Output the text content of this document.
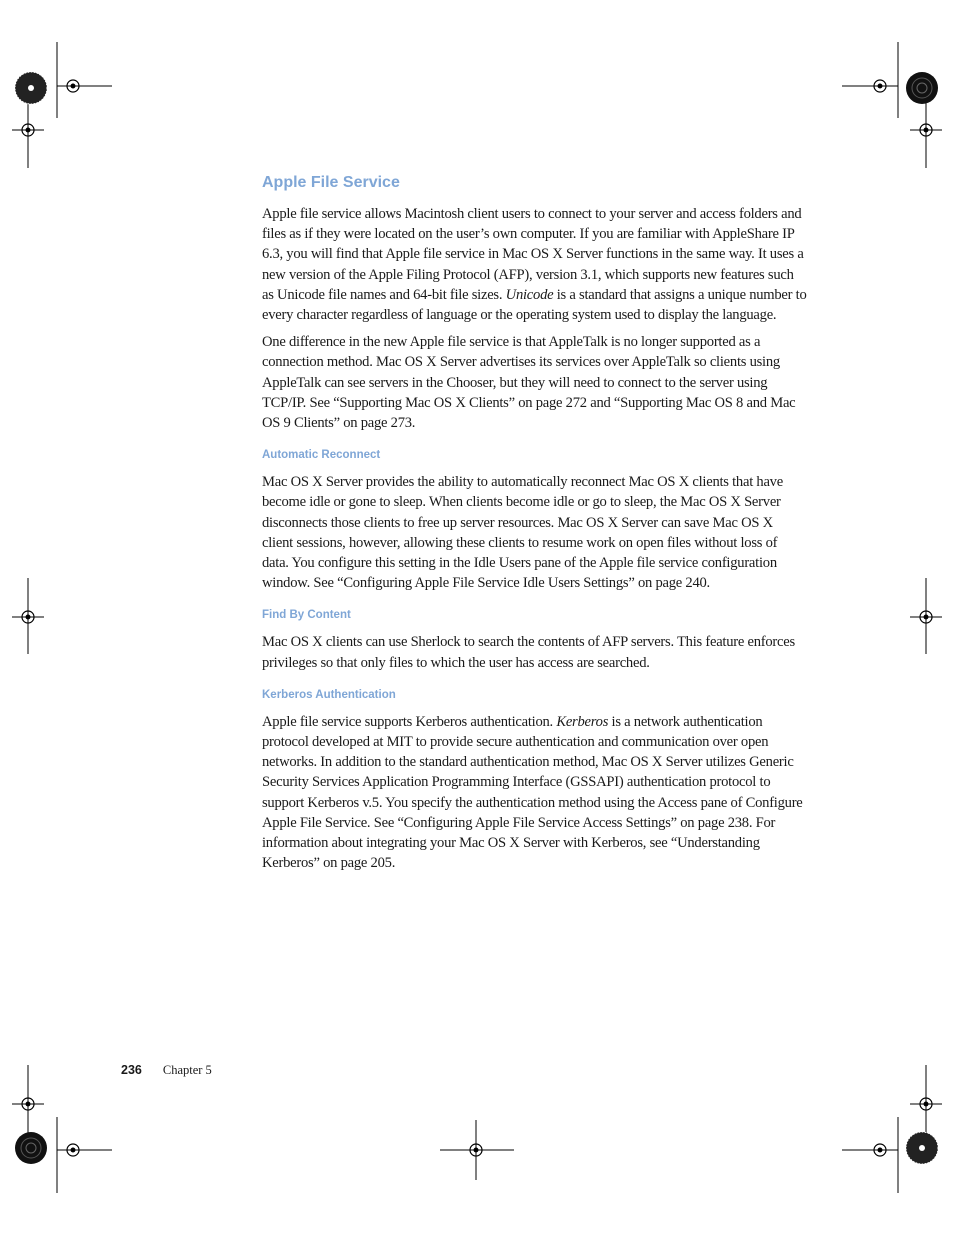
Apple File Service

Apple file service allows Macintosh client users to connect to your server and access folders and files as if they were located on the user’s own computer. If you are familiar with AppleShare IP 6.3, you will find that Apple file service in Mac OS X Server functions in the same way. It uses a new version of the Apple Filing Protocol (AFP), version 3.1, which supports new features such as Unicode file names and 64-bit file sizes. Unicode is a standard that assigns a unique number to every character regardless of language or the operating system used to display the language.

One difference in the new Apple file service is that AppleTalk is no longer supported as a connection method. Mac OS X Server advertises its services over AppleTalk so clients using AppleTalk can see servers in the Chooser, but they will need to connect to the server using TCP/IP. See “Supporting Mac OS X Clients” on page 272 and “Supporting Mac OS 8 and Mac OS 9 Clients” on page 273.

Automatic Reconnect

Mac OS X Server provides the ability to automatically reconnect Mac OS X clients that have become idle or gone to sleep. When clients become idle or go to sleep, the Mac OS X Server disconnects those clients to free up server resources. Mac OS X Server can save Mac OS X client sessions, however, allowing these clients to resume work on open files without loss of data. You configure this setting in the Idle Users pane of the Apple file service configuration window. See “Configuring Apple File Service Idle Users Settings” on page 240.

Find By Content

Mac OS X clients can use Sherlock to search the contents of AFP servers. This feature enforces privileges so that only files to which the user has access are searched.

Kerberos Authentication

Apple file service supports Kerberos authentication. Kerberos is a network authentication protocol developed at MIT to provide secure authentication and communication over open networks. In addition to the standard authentication method, Mac OS X Server utilizes Generic Security Services Application Programming Interface (GSSAPI) authentication protocol to support Kerberos v.5. You specify the authentication method using the Access pane of Configure Apple File Service. See “Configuring Apple File Service Access Settings” on page 238. For information about integrating your Mac OS X Server with Kerberos, see “Understanding Kerberos” on page 205.

236 Chapter 5
